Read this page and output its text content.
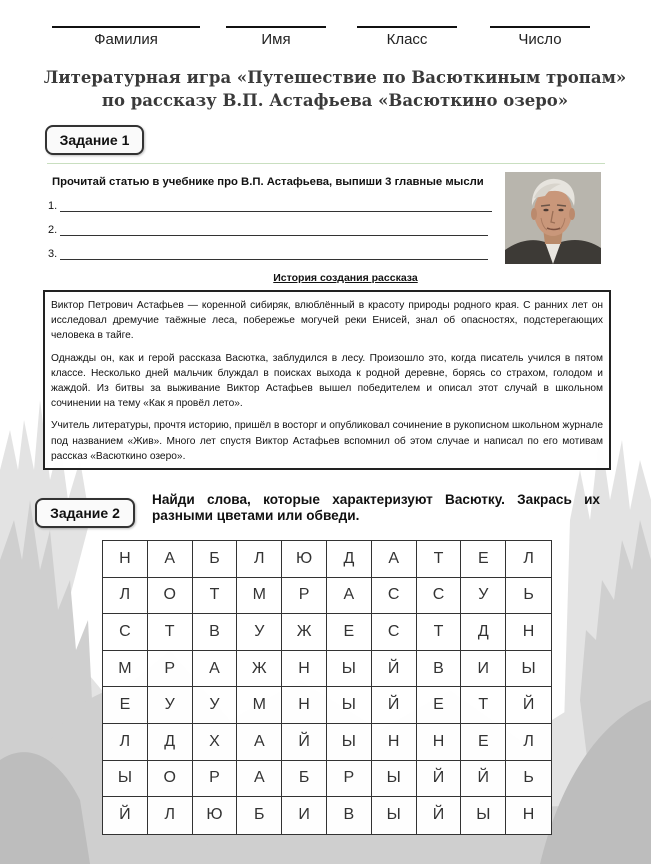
Фамилия	Имя	Класс	Число
Литературная игра «Путешествие по Васюткиным тропам»
по рассказу В.П. Астафьева «Васюткино озеро»
Задание 1
Прочитай статью в учебнике про В.П. Астафьева, выпиши 3 главные мысли
1.
2.
3.
История создания рассказа

Виктор Петрович Астафьев — коренной сибиряк, влюблённый в красоту природы родного края. С ранних лет он исследовал дремучие таёжные леса, побережье могучей реки Енисей, знал об опасностях, подстерегающих человека в тайге.

Однажды он, как и герой рассказа Васютка, заблудился в лесу. Произошло это, когда писатель учился в пятом классе. Несколько дней мальчик блуждал в поисках выхода к родной деревне, борясь со страхом, голодом и жаждой. Из битвы за выживание Виктор Астафьев вышел победителем и описал этот случай в школьном сочинении на тему «Как я провёл лето».

Учитель литературы, прочтя историю, пришёл в восторг и опубликовал сочинение в рукописном школьном журнале под названием «Жив». Много лет спустя Виктор Астафьев вспомнил об этом случае и написал по его мотивам рассказ «Васюткино озеро».

Задание 2
Найди слова, которые характеризуют Васютку. Закрась их разными цветами или обведи.
Н	А	Б	Л	Ю	Д	А	Т	Е	Л
Л	О	Т	М	Р	А	С	С	У	Ь
С	Т	В	У	Ж	Е	С	Т	Д	Н
М	Р	А	Ж	Н	Ы	Й	В	И	Ы
Е	У	У	М	Н	Ы	Й	Е	Т	Й
Л	Д	Х	А	Й	Ы	Н	Н	Е	Л
Ы	О	Р	А	Б	Р	Ы	Й	Й	Ь
Й	Л	Ю	Б	И	В	Ы	Й	Ы	Н
